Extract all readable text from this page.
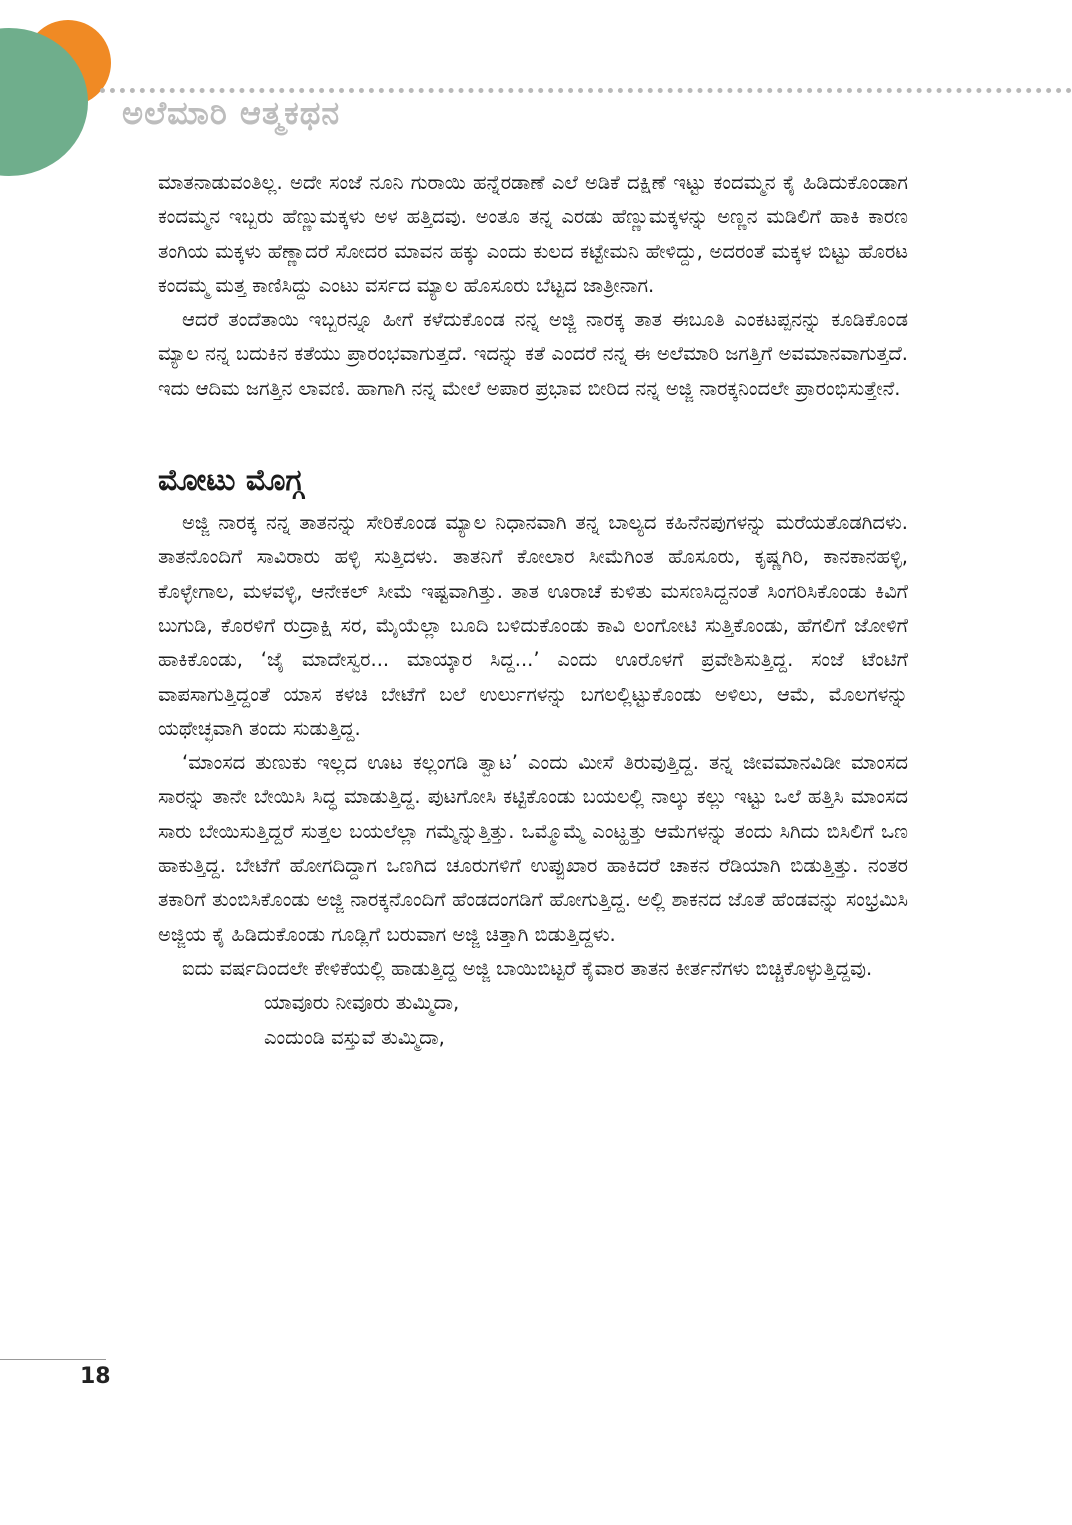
ಅಲೆಮಾರಿ ಆತ್ಮಕಥನ

ಮಾತನಾಡುವಂತಿಲ್ಲ. ಅದೇ ಸಂಜೆ ನೂನಿ ಗುರಾಯಿ ಹನ್ನೆರಡಾಣೆ ಎಲೆ ಅಡಿಕೆ ದಕ್ಷಿಣೆ ಇಟ್ಟು ಕಂದಮ್ಮನ ಕೈ ಹಿಡಿದುಕೊಂಡಾಗ ಕಂದಮ್ಮನ ಇಬ್ಬರು ಹೆಣ್ಣುಮಕ್ಕಳು ಅಳ ಹತ್ತಿದವು. ಅಂತೂ ತನ್ನ ಎರಡು ಹೆಣ್ಣುಮಕ್ಕಳನ್ನು ಅಣ್ಣನ ಮಡಿಲಿಗೆ ಹಾಕಿ ಕಾರಣ ತಂಗಿಯ ಮಕ್ಕಳು ಹೆಣ್ಣಾದರೆ ಸೋದರ ಮಾವನ ಹಕ್ಕು ಎಂದು ಕುಲದ ಕಟ್ಟೇಮನಿ ಹೇಳಿದ್ದು, ಅದರಂತೆ ಮಕ್ಕಳ ಬಿಟ್ಟು ಹೊರಟ ಕಂದಮ್ಮ ಮತ್ತ ಕಾಣಿಸಿದ್ದು ಎಂಟು ವರ್ಸದ ಮ್ಯಾಲ ಹೊಸೂರು ಬೆಟ್ಟದ ಜಾತ್ರೀನಾಗ.

ಆದರೆ ತಂದೆತಾಯಿ ಇಬ್ಬರನ್ನೂ ಹೀಗೆ ಕಳೆದುಕೊಂಡ ನನ್ನ ಅಜ್ಜಿ ನಾರಕ್ಕ ತಾತ ಈಬೂತಿ ಎಂಕಟಪ್ಪನನ್ನು ಕೂಡಿಕೊಂಡ ಮ್ಯಾಲ ನನ್ನ ಬದುಕಿನ ಕತೆಯು ಪ್ರಾರಂಭವಾಗುತ್ತದೆ. ಇದನ್ನು ಕತೆ ಎಂದರೆ ನನ್ನ ಈ ಅಲೆಮಾರಿ ಜಗತ್ತಿಗೆ ಅವಮಾನವಾಗುತ್ತದೆ. ಇದು ಆದಿಮ ಜಗತ್ತಿನ ಲಾವಣಿ. ಹಾಗಾಗಿ ನನ್ನ ಮೇಲೆ ಅಪಾರ ಪ್ರಭಾವ ಬೀರಿದ ನನ್ನ ಅಜ್ಜಿ ನಾರಕ್ಕನಿಂದಲೇ ಪ್ರಾರಂಭಿಸುತ್ತೇನೆ.

ಮೋಟು ಮೊಗ್ಗ

ಅಜ್ಜಿ ನಾರಕ್ಕ ನನ್ನ ತಾತನನ್ನು ಸೇರಿಕೊಂಡ ಮ್ಯಾಲ ನಿಧಾನವಾಗಿ ತನ್ನ ಬಾಲ್ಯದ ಕಹಿನೆನಪುಗಳನ್ನು ಮರೆಯತೊಡಗಿದಳು. ತಾತನೊಂದಿಗೆ ಸಾವಿರಾರು ಹಳ್ಳಿ ಸುತ್ತಿದಳು. ತಾತನಿಗೆ ಕೋಲಾರ ಸೀಮೆಗಿಂತ ಹೊಸೂರು, ಕೃಷ್ಣಗಿರಿ, ಕಾನಕಾನಹಳ್ಳಿ, ಕೊಳ್ಳೇಗಾಲ, ಮಳವಳ್ಳಿ, ಆನೇಕಲ್ ಸೀಮೆ ಇಷ್ಟವಾಗಿತ್ತು. ತಾತ ಊರಾಚೆ ಕುಳಿತು ಮಸಣಸಿದ್ದನಂತೆ ಸಿಂಗರಿಸಿಕೊಂಡು ಕಿವಿಗೆ ಬುಗುಡಿ, ಕೊರಳಿಗೆ ರುದ್ರಾಕ್ಷಿ ಸರ, ಮೈಯೆಲ್ಲಾ ಬೂದಿ ಬಳಿದುಕೊಂಡು ಕಾವಿ ಲಂಗೋಟಿ ಸುತ್ತಿಕೊಂಡು, ಹೆಗಲಿಗೆ ಜೋಳಿಗೆ ಹಾಕಿಕೊಂಡು, ‘ಜೈ ಮಾದೇಸ್ವರ... ಮಾಯ್ಕಾರ ಸಿದ್ದ...’ ಎಂದು ಊರೊಳಗೆ ಪ್ರವೇಶಿಸುತ್ತಿದ್ದ. ಸಂಜೆ ಟೆಂಟಿಗೆ ವಾಪಸಾಗುತ್ತಿದ್ದಂತೆ ಯಾಸ ಕಳಚಿ ಬೇಟೆಗೆ ಬಲೆ ಉರ್ಲುಗಳನ್ನು ಬಗಲಲ್ಲಿಟ್ಟುಕೊಂಡು ಅಳಿಲು, ಆಮೆ, ಮೊಲಗಳನ್ನು ಯಥೇಚ್ಛವಾಗಿ ತಂದು ಸುಡುತ್ತಿದ್ದ.

‘ಮಾಂಸದ ತುಣುಕು ಇಲ್ಲದ ಊಟ ಕಲ್ಲಂಗಡಿ ತ್ವಾಟ’ ಎಂದು ಮೀಸೆ ತಿರುವುತ್ತಿದ್ದ. ತನ್ನ ಜೀವಮಾನವಿಡೀ ಮಾಂಸದ ಸಾರನ್ನು ತಾನೇ ಬೇಯಿಸಿ ಸಿದ್ಧ ಮಾಡುತ್ತಿದ್ದ. ಪುಟಗೋಸಿ ಕಟ್ಟಿಕೊಂಡು ಬಯಲಲ್ಲಿ ನಾಲ್ಕು ಕಲ್ಲು ಇಟ್ಟು ಒಲೆ ಹತ್ತಿಸಿ ಮಾಂಸದ ಸಾರು ಬೇಯಿಸುತ್ತಿದ್ದರೆ ಸುತ್ತಲ ಬಯಲೆಲ್ಲಾ ಗಮ್ಮೆನ್ನುತ್ತಿತ್ತು. ಒಮ್ಮೊಮ್ಮೆ ಎಂಟ್ಹತ್ತು ಆಮೆಗಳನ್ನು ತಂದು ಸಿಗಿದು ಬಿಸಿಲಿಗೆ ಒಣ ಹಾಕುತ್ತಿದ್ದ. ಬೇಟೆಗೆ ಹೋಗದಿದ್ದಾಗ ಒಣಗಿದ ಚೂರುಗಳಿಗೆ ಉಪ್ಪುಖಾರ ಹಾಕಿದರೆ ಚಾಕನ ರೆಡಿಯಾಗಿ ಬಿಡುತ್ತಿತ್ತು. ನಂತರ ತಕಾರಿಗೆ ತುಂಬಿಸಿಕೊಂಡು ಅಜ್ಜಿ ನಾರಕ್ಕನೊಂದಿಗೆ ಹೆಂಡದಂಗಡಿಗೆ ಹೋಗುತ್ತಿದ್ದ. ಅಲ್ಲಿ ಶಾಕನದ ಜೊತೆ ಹೆಂಡವನ್ನು ಸಂಭ್ರಮಿಸಿ ಅಜ್ಜಿಯ ಕೈ ಹಿಡಿದುಕೊಂಡು ಗೂಡ್ಲಿಗೆ ಬರುವಾಗ ಅಜ್ಜಿ ಚಿತ್ತಾಗಿ ಬಿಡುತ್ತಿದ್ದಳು.

ಐದು ವರ್ಷದಿಂದಲೇ ಕೇಳಿಕೆಯಲ್ಲಿ ಹಾಡುತ್ತಿದ್ದ ಅಜ್ಜಿ ಬಾಯಿಬಿಟ್ಟರೆ ಕೈವಾರ ತಾತನ ಕೀರ್ತನೆಗಳು ಬಿಚ್ಚಿಕೊಳ್ಳುತ್ತಿದ್ದವು.

ಯಾವೂರು ನೀವೂರು ತುಮ್ಮಿದಾ,
ಎಂದುಂಡಿ ವಸ್ತುವೆ ತುಮ್ಮಿದಾ,
18
